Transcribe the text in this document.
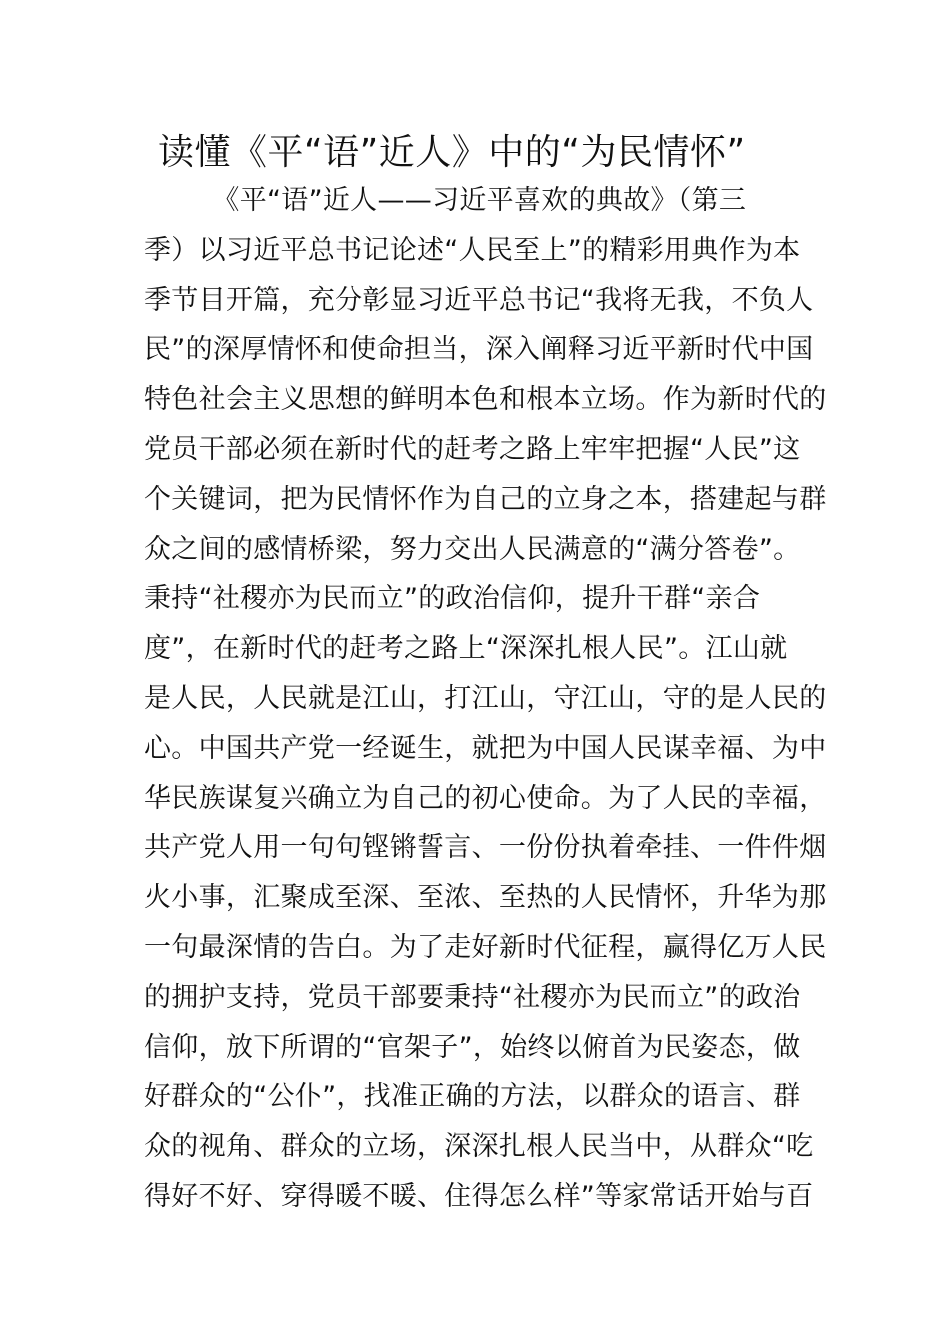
读懂《平“语”近人》中的“为民情怀”
　　　《平“语”近人——习近平喜欢的典故》（第三
季）以习近平总书记论述“人民至上”的精彩用典作为本
季节目开篇，充分彰显习近平总书记“我将无我，不负人
民”的深厚情怀和使命担当，深入阐释习近平新时代中国
特色社会主义思想的鲜明本色和根本立场。作为新时代的
党员干部必须在新时代的赶考之路上牢牢把握“人民”这
个关键词，把为民情怀作为自己的立身之本，搭建起与群
众之间的感情桥梁，努力交出人民满意的“满分答卷”。
秉持“社稷亦为民而立”的政治信仰，提升干群“亲合
度”，在新时代的赶考之路上“深深扎根人民”。江山就
是人民，人民就是江山，打江山，守江山，守的是人民的
心。中国共产党一经诞生，就把为中国人民谋幸福、为中
华民族谋复兴确立为自己的初心使命。为了人民的幸福，
共产党人用一句句铿锵誓言、一份份执着牵挂、一件件烟
火小事，汇聚成至深、至浓、至热的人民情怀，升华为那
一句最深情的告白。为了走好新时代征程，赢得亿万人民
的拥护支持，党员干部要秉持“社稷亦为民而立”的政治
信仰，放下所谓的“官架子”，始终以俯首为民姿态，做
好群众的“公仆”，找准正确的方法，以群众的语言、群
众的视角、群众的立场，深深扎根人民当中，从群众“吃
得好不好、穿得暖不暖、住得怎么样”等家常话开始与百
